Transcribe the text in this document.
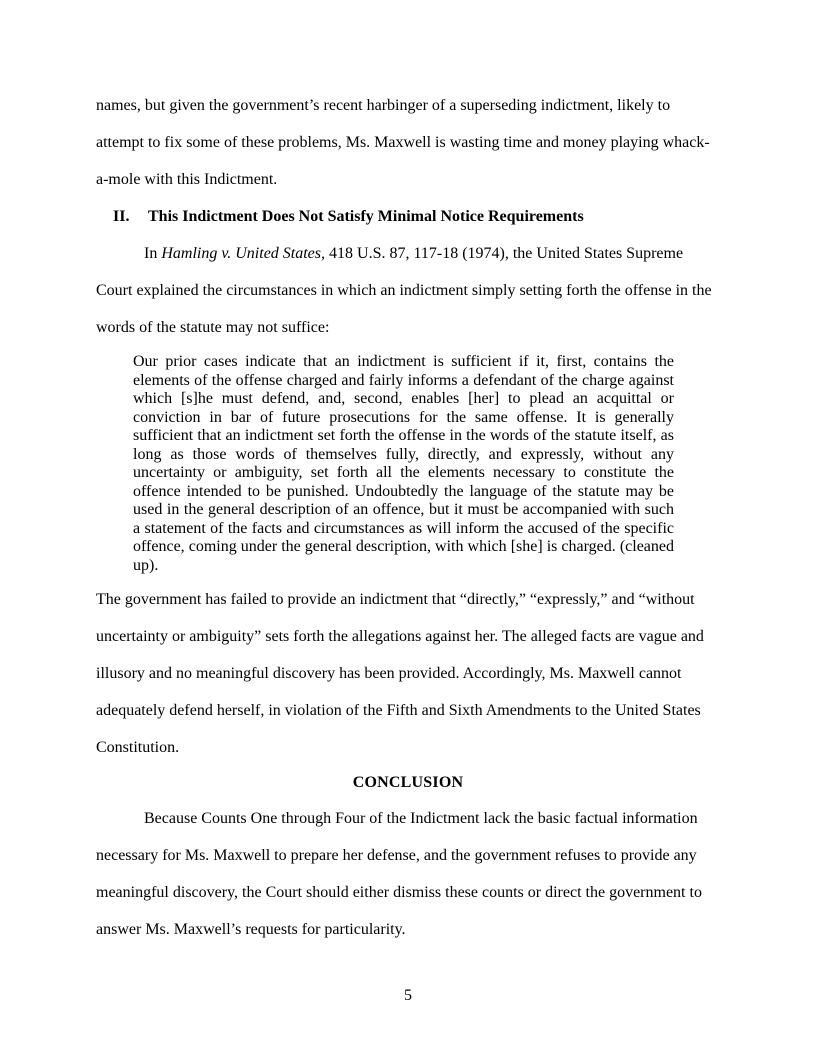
names, but given the government’s recent harbinger of a superseding indictment, likely to attempt to fix some of these problems, Ms. Maxwell is wasting time and money playing whack-a-mole with this Indictment.

II.	This Indictment Does Not Satisfy Minimal Notice Requirements

In Hamling v. United States, 418 U.S. 87, 117-18 (1974), the United States Supreme Court explained the circumstances in which an indictment simply setting forth the offense in the words of the statute may not suffice:

Our prior cases indicate that an indictment is sufficient if it, first, contains the elements of the offense charged and fairly informs a defendant of the charge against which [s]he must defend, and, second, enables [her] to plead an acquittal or conviction in bar of future prosecutions for the same offense. It is generally sufficient that an indictment set forth the offense in the words of the statute itself, as long as those words of themselves fully, directly, and expressly, without any uncertainty or ambiguity, set forth all the elements necessary to constitute the offence intended to be punished. Undoubtedly the language of the statute may be used in the general description of an offence, but it must be accompanied with such a statement of the facts and circumstances as will inform the accused of the specific offence, coming under the general description, with which [she] is charged. (cleaned up).

The government has failed to provide an indictment that “directly,” “expressly,” and “without uncertainty or ambiguity” sets forth the allegations against her. The alleged facts are vague and illusory and no meaningful discovery has been provided. Accordingly, Ms. Maxwell cannot adequately defend herself, in violation of the Fifth and Sixth Amendments to the United States Constitution.

CONCLUSION

Because Counts One through Four of the Indictment lack the basic factual information necessary for Ms. Maxwell to prepare her defense, and the government refuses to provide any meaningful discovery, the Court should either dismiss these counts or direct the government to answer Ms. Maxwell’s requests for particularity.

5
